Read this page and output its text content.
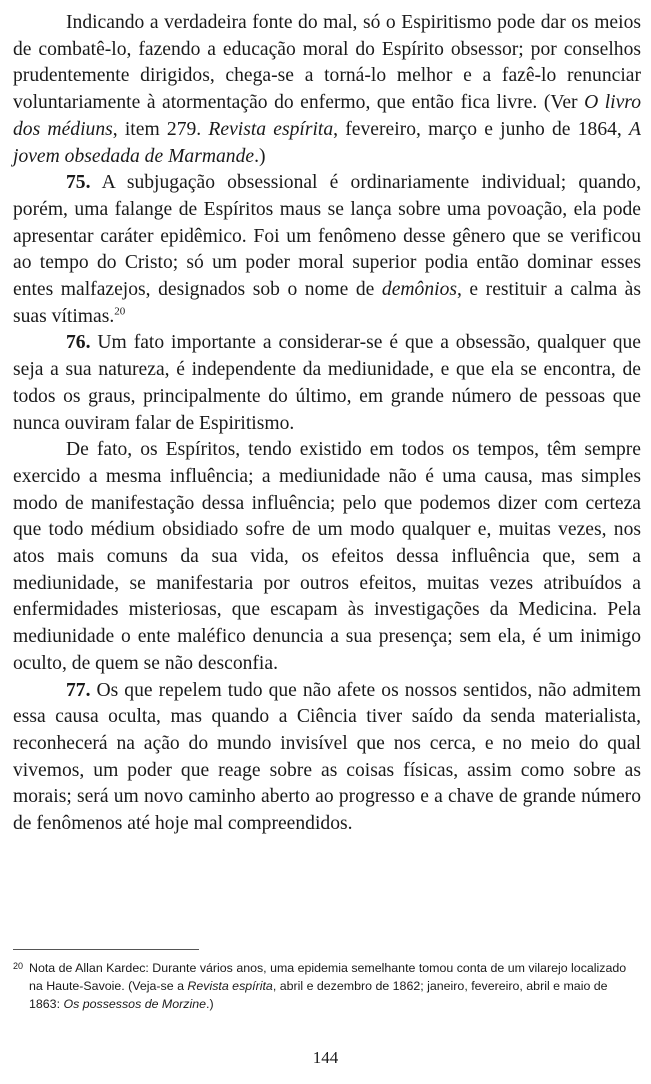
Indicando a verdadeira fonte do mal, só o Espiritismo pode dar os meios de combatê-lo, fazendo a educação moral do Espírito obsessor; por conselhos prudentemente dirigidos, chega-se a torná-lo melhor e a fazê-lo renunciar voluntariamente à atormentação do enfermo, que então fica livre. (Ver O livro dos médiuns, item 279. Revista espírita, fevereiro, março e junho de 1864, A jovem obsedada de Marmande.)

75. A subjugação obsessional é ordinariamente individual; quando, porém, uma falange de Espíritos maus se lança sobre uma povoação, ela pode apresentar caráter epidêmico. Foi um fenômeno desse gênero que se verificou ao tempo do Cristo; só um poder moral superior podia então dominar esses entes malfazejos, designados sob o nome de demônios, e restituir a calma às suas vítimas.$^{20}$

76. Um fato importante a considerar-se é que a obsessão, qualquer que seja a sua natureza, é independente da mediunidade, e que ela se encontra, de todos os graus, principalmente do último, em grande número de pessoas que nunca ouviram falar de Espiritismo.

De fato, os Espíritos, tendo existido em todos os tempos, têm sempre exercido a mesma influência; a mediunidade não é uma causa, mas simples modo de manifestação dessa influência; pelo que podemos dizer com certeza que todo médium obsidiado sofre de um modo qualquer e, muitas vezes, nos atos mais comuns da sua vida, os efeitos dessa influência que, sem a mediunidade, se manifestaria por outros efeitos, muitas vezes atribuídos a enfermidades misteriosas, que escapam às investigações da Medicina. Pela mediunidade o ente maléfico denuncia a sua presença; sem ela, é um inimigo oculto, de quem se não desconfia.

77. Os que repelem tudo que não afete os nossos sentidos, não admitem essa causa oculta, mas quando a Ciência tiver saído da senda materialista, reconhecerá na ação do mundo invisível que nos cerca, e no meio do qual vivemos, um poder que reage sobre as coisas físicas, assim como sobre as morais; será um novo caminho aberto ao progresso e a chave de grande número de fenômenos até hoje mal compreendidos.

20 Nota de Allan Kardec: Durante vários anos, uma epidemia semelhante tomou conta de um vilarejo localizado na Haute-Savoie. (Veja-se a Revista espírita, abril e dezembro de 1862; janeiro, fevereiro, abril e maio de 1863: Os possessos de Morzine.)
144
